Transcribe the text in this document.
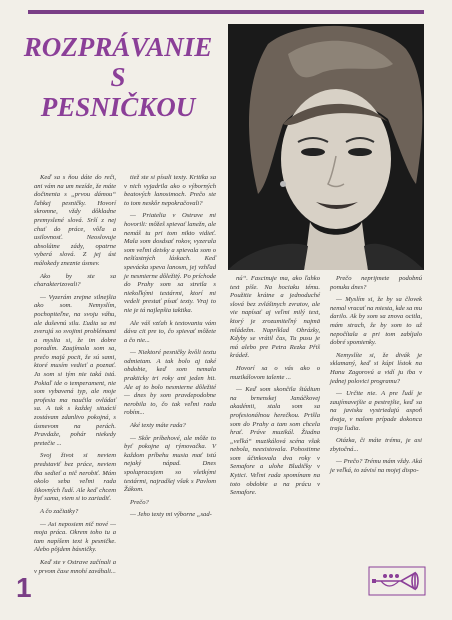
ROZPRÁVANIE
S
PESNIČKOU

Keď sa s ňou dáte do reči, ani vám na um nezíde, že máte dočinenia s „prvou dámou“ ľahkej pesničky. Hovorí skromne, vždy dôkladne premyslené slová. Srší z nej chuť do práce, vôľa a usilovnosť. Neoslovuje absolútne zády, opatrne vyberá slová. Z jej úst málokedy zneznie úsmev.

Ako by ste sa charakterizovali?

— Vyzerám zrejme silnejšia ako som. Nemyslím, pochopiteľne, na svoju váhu, ale duševnú silu. Ľudia sa mi zverujú so svojimi problémami a myslia si, že im dobre poradím. Zaujímala som sa, prečo majú pocit, že sú sami, ktoré musím vedieť a poznať. Ja som si tým nie taká istá. Pokiaľ ide o temperament, nie som vybavená typ, ale moje profesia ma naučila ovládať sa. A tak s každej situácií zostávam zdanlivo pokojná, s úsmevom na perách. Pravdaže, pohár niekedy pretečie ...

Svoj život si neviem predstaviť bez práce, neviem iba sedieť a nič nerobiť. Mám okolo seba veľmi rada šikovných ľudí. Ale keď chcem byť sama, viem si to zariadiť.

A čo začiatky?

— Asi neposiem nič nové — moja práca. Okrem toho tu a tam napíšem text k pesničke. Alebo pôjdem básničky.

Keď ste v Ostrave začínali a v prvom čase mnohí zaváhali...

tiež ste si písali texty. Kritika sa v nich vyjadrila ako o výborných beatových lanosimoch. Prečo ste to tom neskôr nepokračovali?

— Priatelia v Ostrave mi hovorili: môžeš spievať lanežn, ale nemáš tu pri tom nikto vidieť. Mala som dosdsať rokov, vyzerala som veľmi detsky a spievala som o nešťastných láskach. Keď spevácka speva lanosm, jej vzhľad je nesmierne dôležitý. Po príchode do Prahy som sa stretla s niekoľkými textármi, ktorí mi vedeli prestať písať texty. Vraj to nie je tá najlepšia taktika.

Ale váš vzťah k textovaniu vám dáva cit pre to, čo spievať môžete a čo nie...

— Niektoré pesničky kvôli textu odmietam. A tak bolo aj také obdobie, keď som nemala prakticky tri roky ani jeden hit. Ale aj to bolo nesmierne dôležité — dnes by som pravdepodobne nerobila to, čo tak veľmi rada robím...

Aké texty máte rada?

— Skôr príbehové, ale môže to byť pokojne aj rýmovačka. V každom príbehu musia mať istú nejaký nápad. Dnes spolupracujem so všetkými textármi, najradšej však s Pavlom Žákom.

Prečo?

— Jeho texty mi výborne „sad-

nú“. Fascinuje ma, ako ľahko text píše. Na hociaku tému. Použitie krátne a jednoduché slová bez zvláštnych zvratov, ale vie napísať aj veľmi milý text, ktorý je zrozumiteľný najmä mládežm. Napríklad Obrázky, Kdyby se vrátil čas, Tu pusu je má alebo pre Petra Rezka Přiš krádež.

Hovorí sa o vás ako o muzikálovom talente ...

— Keď som skončila štúdium na brnenskej Janáčkovej akadémii, stala som sa profesionálnou herečkou. Prišla som do Prahy a tam som chcela hrať. Práve muzikál. Žiadna „veľká“ muzikálová scéna však nebola, neexistovala. Pohostinne som účinkovala dva roky v Semafore a ulohe Bludičky v Kytici. Veľmi rada spomínam na toto obdobie a na prácu v Semafore.

Prečo neprijmete podobnú ponuku dnes?

— Myslím si, že by sa človek nemal vracať na miesta, kde sa mu darilo. Ak by som sa znova ocitla, mám strach, že by som to už nepočítala a pri tom zabíjalo dobré spomienky.

Nemyslíte si, že divák je sklamaný, keď si kúpi lístok na Hanu Zagorovú a vidí ju iba v jednej polovici programu?

— Určite nie. A pre ľudí je zaujímavejšie a pestrejšie, keď sa na javisku vystriedajú aspoň dvaja, v našom prípade dokonca traja ľudia.

Otázka, či máte trému, je asi zbytočná...

— Prečo? Trému mám vždy. Aká je veľká, to závisí na mojej dispo-

1
